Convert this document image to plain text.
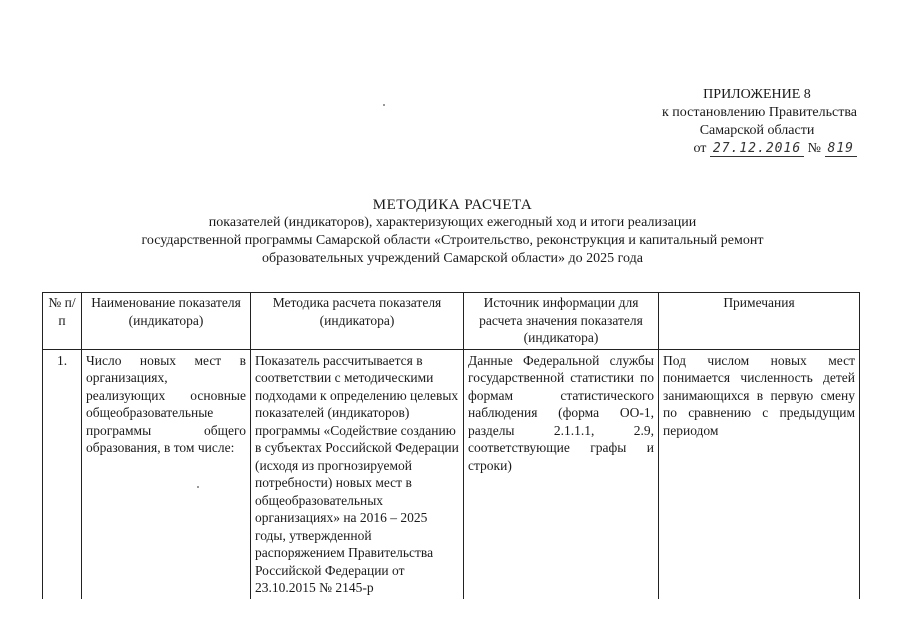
ПРИЛОЖЕНИЕ 8
к постановлению Правительства
Самарской области
от 27.12.2016 № 819
МЕТОДИКА РАСЧЕТА
показателей (индикаторов), характеризующих ежегодный ход и итоги реализации
государственной программы Самарской области «Строительство, реконструкция и капитальный ремонт
образовательных учреждений Самарской области» до 2025 года
№ п/п	Наименование показателя (индикатора)	Методика расчета показателя (индикатора)	Источник информации для расчета значения показателя (индикатора)	Примечания
1.	Число новых мест в организациях, реализующих основные общеобразовательные программы общего образования, в том числе:	Показатель рассчитывается в соответствии с методическими подходами к определению целевых показателей (индикаторов) программы «Содействие созданию в субъектах Российской Федерации (исходя из прогнозируемой потребности) новых мест в общеобразовательных организациях» на 2016 – 2025 годы, утвержденной распоряжением Правительства Российской Федерации от 23.10.2015 № 2145-р	Данные Федеральной службы государственной статистики по формам статистического наблюдения (форма ОО-1, разделы 2.1.1.1, 2.9, соответствующие графы и строки)	Под числом новых мест понимается численность детей занимающихся в первую смену по сравнению с предыдущим периодом
